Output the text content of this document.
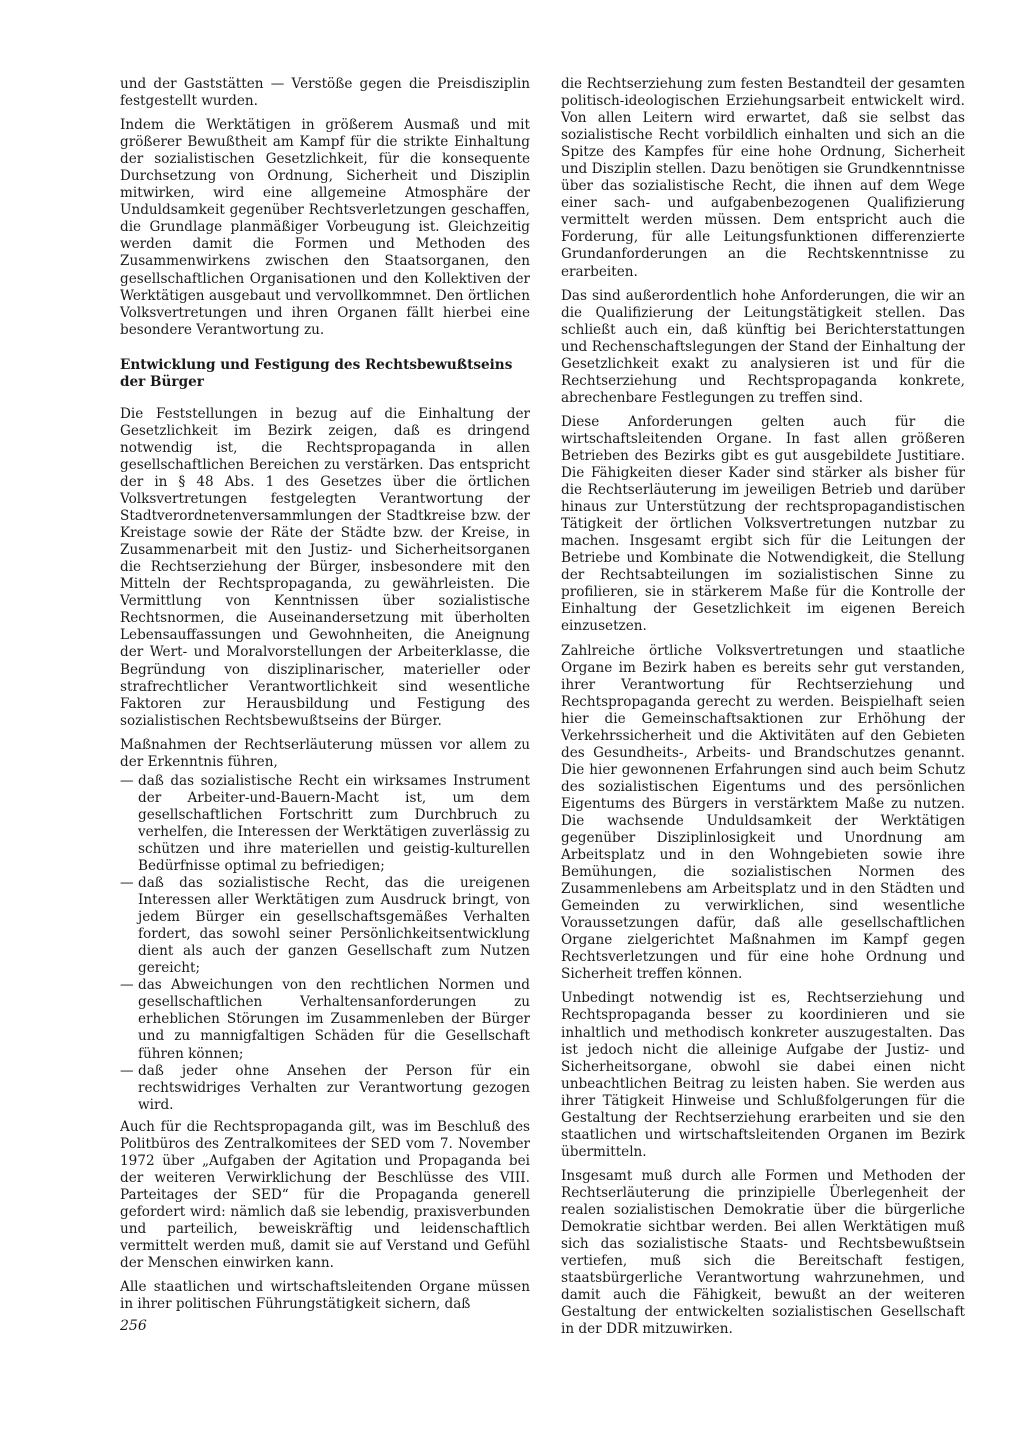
und der Gaststätten — Verstöße gegen die Preisdisziplin festgestellt wurden.

Indem die Werktätigen in größerem Ausmaß und mit größerer Bewußtheit am Kampf für die strikte Einhaltung der sozialistischen Gesetzlichkeit, für die konsequente Durchsetzung von Ordnung, Sicherheit und Disziplin mitwirken, wird eine allgemeine Atmosphäre der Unduldsamkeit gegenüber Rechtsverletzungen geschaffen, die Grundlage planmäßiger Vorbeugung ist. Gleichzeitig werden damit die Formen und Methoden des Zusammenwirkens zwischen den Staatsorganen, den gesellschaftlichen Organisationen und den Kollektiven der Werktätigen ausgebaut und vervollkommnet. Den örtlichen Volksvertretungen und ihren Organen fällt hierbei eine besondere Verantwortung zu.

Entwicklung und Festigung des Rechtsbewußtseins der Bürger

Die Feststellungen in bezug auf die Einhaltung der Gesetzlichkeit im Bezirk zeigen, daß es dringend notwendig ist, die Rechtspropaganda in allen gesellschaftlichen Bereichen zu verstärken. Das entspricht der in § 48 Abs. 1 des Gesetzes über die örtlichen Volksvertretungen festgelegten Verantwortung der Stadtverordnetenversammlungen der Stadtkreise bzw. der Kreistage sowie der Räte der Städte bzw. der Kreise, in Zusammenarbeit mit den Justiz- und Sicherheitsorganen die Rechtserziehung der Bürger, insbesondere mit den Mitteln der Rechtspropaganda, zu gewährleisten. Die Vermittlung von Kenntnissen über sozialistische Rechtsnormen, die Auseinandersetzung mit überholten Lebensauffassungen und Gewohnheiten, die Aneignung der Wert- und Moralvorstellungen der Arbeiterklasse, die Begründung von disziplinarischer, materieller oder strafrechtlicher Verantwortlichkeit sind wesentliche Faktoren zur Herausbildung und Festigung des sozialistischen Rechtsbewußtseins der Bürger.

Maßnahmen der Rechtserläuterung müssen vor allem zu der Erkenntnis führen,

— daß das sozialistische Recht ein wirksames Instrument der Arbeiter-und-Bauern-Macht ist, um dem gesellschaftlichen Fortschritt zum Durchbruch zu verhelfen, die Interessen der Werktätigen zuverlässig zu schützen und ihre materiellen und geistig-kulturellen Bedürfnisse optimal zu befriedigen;
— daß das sozialistische Recht, das die ureigenen Interessen aller Werktätigen zum Ausdruck bringt, von jedem Bürger ein gesellschaftsgemäßes Verhalten fordert, das sowohl seiner Persönlichkeitsentwicklung dient als auch der ganzen Gesellschaft zum Nutzen gereicht;
— das Abweichungen von den rechtlichen Normen und gesellschaftlichen Verhaltensanforderungen zu erheblichen Störungen im Zusammenleben der Bürger und zu mannigfaltigen Schäden für die Gesellschaft führen können;
— daß jeder ohne Ansehen der Person für ein rechtswidriges Verhalten zur Verantwortung gezogen wird.

Auch für die Rechtspropaganda gilt, was im Beschluß des Politbüros des Zentralkomitees der SED vom 7. November 1972 über „Aufgaben der Agitation und Propaganda bei der weiteren Verwirklichung der Beschlüsse des VIII. Parteitages der SED“ für die Propaganda generell gefordert wird: nämlich daß sie lebendig, praxisverbunden und parteilich, beweiskräftig und leidenschaftlich vermittelt werden muß, damit sie auf Verstand und Gefühl der Menschen einwirken kann.

Alle staatlichen und wirtschaftsleitenden Organe müssen in ihrer politischen Führungstätigkeit sichern, daß

die Rechtserziehung zum festen Bestandteil der gesamten politisch-ideologischen Erziehungsarbeit entwickelt wird. Von allen Leitern wird erwartet, daß sie selbst das sozialistische Recht vorbildlich einhalten und sich an die Spitze des Kampfes für eine hohe Ordnung, Sicherheit und Disziplin stellen. Dazu benötigen sie Grundkenntnisse über das sozialistische Recht, die ihnen auf dem Wege einer sach- und aufgabenbezogenen Qualifizierung vermittelt werden müssen. Dem entspricht auch die Forderung, für alle Leitungsfunktionen differenzierte Grundanforderungen an die Rechtskenntnisse zu erarbeiten.

Das sind außerordentlich hohe Anforderungen, die wir an die Qualifizierung der Leitungstätigkeit stellen. Das schließt auch ein, daß künftig bei Berichterstattungen und Rechenschaftslegungen der Stand der Einhaltung der Gesetzlichkeit exakt zu analysieren ist und für die Rechtserziehung und Rechtspropaganda konkrete, abrechenbare Festlegungen zu treffen sind.

Diese Anforderungen gelten auch für die wirtschaftsleitenden Organe. In fast allen größeren Betrieben des Bezirks gibt es gut ausgebildete Justitiare. Die Fähigkeiten dieser Kader sind stärker als bisher für die Rechtserläuterung im jeweiligen Betrieb und darüber hinaus zur Unterstützung der rechtspropagandistischen Tätigkeit der örtlichen Volksvertretungen nutzbar zu machen. Insgesamt ergibt sich für die Leitungen der Betriebe und Kombinate die Notwendigkeit, die Stellung der Rechtsabteilungen im sozialistischen Sinne zu profilieren, sie in stärkerem Maße für die Kontrolle der Einhaltung der Gesetzlichkeit im eigenen Bereich einzusetzen.

Zahlreiche örtliche Volksvertretungen und staatliche Organe im Bezirk haben es bereits sehr gut verstanden, ihrer Verantwortung für Rechtserziehung und Rechtspropaganda gerecht zu werden. Beispielhaft seien hier die Gemeinschaftsaktionen zur Erhöhung der Verkehrssicherheit und die Aktivitäten auf den Gebieten des Gesundheits-, Arbeits- und Brandschutzes genannt. Die hier gewonnenen Erfahrungen sind auch beim Schutz des sozialistischen Eigentums und des persönlichen Eigentums des Bürgers in verstärktem Maße zu nutzen. Die wachsende Unduldsamkeit der Werktätigen gegenüber Disziplinlosigkeit und Unordnung am Arbeitsplatz und in den Wohngebieten sowie ihre Bemühungen, die sozialistischen Normen des Zusammenlebens am Arbeitsplatz und in den Städten und Gemeinden zu verwirklichen, sind wesentliche Voraussetzungen dafür, daß alle gesellschaftlichen Organe zielgerichtet Maßnahmen im Kampf gegen Rechtsverletzungen und für eine hohe Ordnung und Sicherheit treffen können.

Unbedingt notwendig ist es, Rechtserziehung und Rechtspropaganda besser zu koordinieren und sie inhaltlich und methodisch konkreter auszugestalten. Das ist jedoch nicht die alleinige Aufgabe der Justiz- und Sicherheitsorgane, obwohl sie dabei einen nicht unbeachtlichen Beitrag zu leisten haben. Sie werden aus ihrer Tätigkeit Hinweise und Schlußfolgerungen für die Gestaltung der Rechtserziehung erarbeiten und sie den staatlichen und wirtschaftsleitenden Organen im Bezirk übermitteln.

Insgesamt muß durch alle Formen und Methoden der Rechtserläuterung die prinzipielle Überlegenheit der realen sozialistischen Demokratie über die bürgerliche Demokratie sichtbar werden. Bei allen Werktätigen muß sich das sozialistische Staats- und Rechtsbewußtsein vertiefen, muß sich die Bereitschaft festigen, staatsbürgerliche Verantwortung wahrzunehmen, und damit auch die Fähigkeit, bewußt an der weiteren Gestaltung der entwickelten sozialistischen Gesellschaft in der DDR mitzuwirken.

256
